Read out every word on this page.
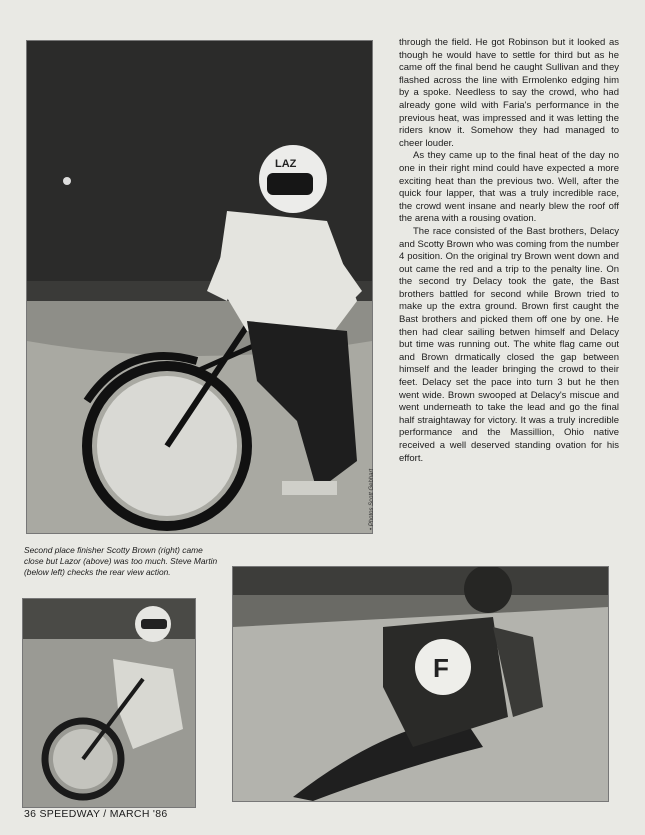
LAZ
• Photos Scott Gebhart

through the field. He got Robinson but it looked as though he would have to settle for third but as he came off the final bend he caught Sullivan and they flashed across the line with Ermolenko edging him by a spoke. Needless to say the crowd, who had already gone wild with Faria's performance in the previous heat, was impressed and it was letting the riders know it. Somehow they had managed to cheer louder.

As they came up to the final heat of the day no one in their right mind could have expected a more exciting heat than the previous two. Well, after the quick four lapper, that was a truly incredible race, the crowd went insane and nearly blew the roof off the arena with a rousing ovation.

The race consisted of the Bast brothers, Delacy and Scotty Brown who was coming from the number 4 position. On the original try Brown went down and out came the red and a trip to the penalty line. On the second try Delacy took the gate, the Bast brothers battled for second while Brown tried to make up the extra ground. Brown first caught the Bast brothers and picked them off one by one. He then had clear sailing betwen himself and Delacy but time was running out. The white flag came out and Brown drmatically closed the gap between himself and the leader bringing the crowd to their feet. Delacy set the pace into turn 3 but he then went wide. Brown swooped at Delacy's miscue and went underneath to take the lead and go the final half straightaway for victory. It was a truly incredible performance and the Massillion, Ohio native received a well deserved standing ovation for his effort.

Second place finisher Scotty Brown (right) came close but Lazor (above) was too much. Steve Martin (below left) checks the rear view action.
F
36 SPEEDWAY / MARCH '86
